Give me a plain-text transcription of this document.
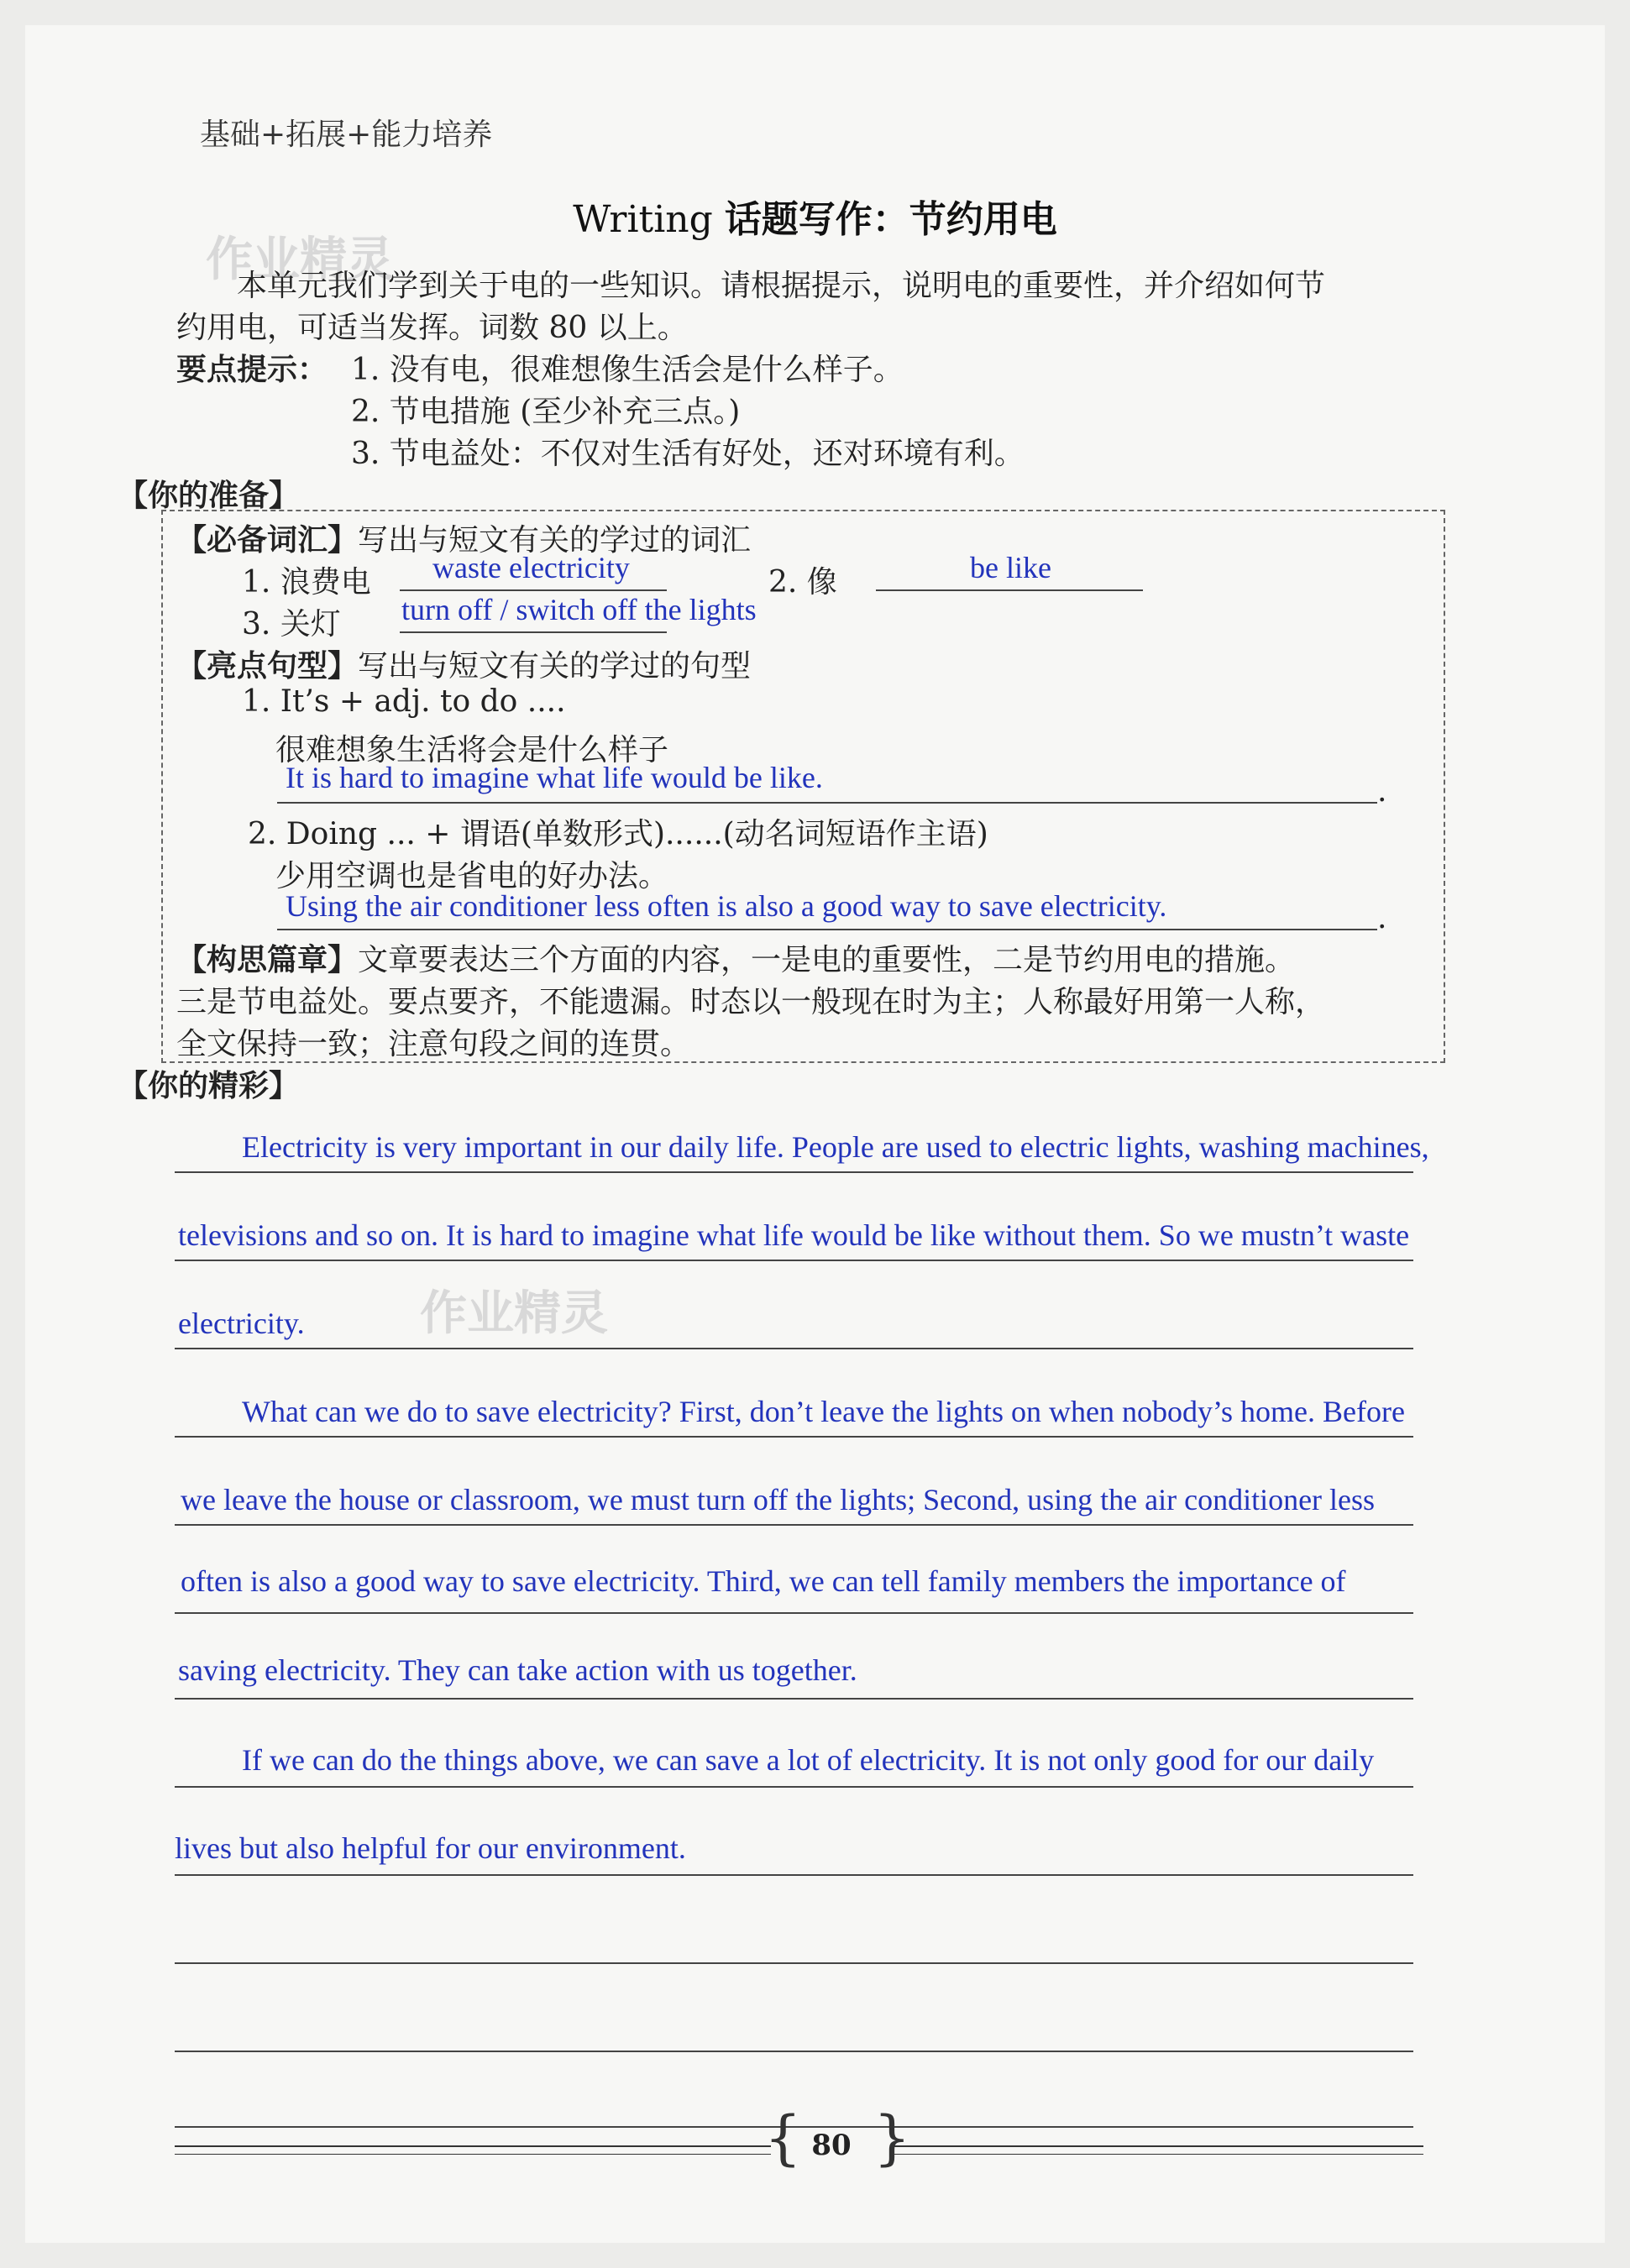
基础+拓展+能力培养
Writing 话题写作：节约用电
作业精灵
作业精灵
本单元我们学到关于电的一些知识。请根据提示，说明电的重要性，并介绍如何节
约用电，可适当发挥。词数 80 以上。
要点提示： 1. 没有电，很难想像生活会是什么样子。
2. 节电措施 (至少补充三点。)
3. 节电益处：不仅对生活有好处，还对环境有利。
【你的准备】
【必备词汇】写出与短文有关的学过的词汇
1. 浪费电 waste electricity	2. 像	be like
3. 关灯 turn off / switch off the lights
【亮点句型】写出与短文有关的学过的句型
1. It’s + adj. to do ....
很难想象生活将会是什么样子
It is hard to imagine what life would be like.	.
2. Doing ... + 谓语(单数形式)......(动名词短语作主语)
少用空调也是省电的好办法。
Using the air conditioner less often is also a good way to save electricity.	.
【构思篇章】文章要表达三个方面的内容，一是电的重要性，二是节约用电的措施。
三是节电益处。要点要齐，不能遗漏。时态以一般现在时为主；人称最好用第一人称，
全文保持一致；注意句段之间的连贯。
【你的精彩】
Electricity is very important in our daily life. People are used to electric lights, washing machines,
televisions and so on. It is hard to imagine what life would be like without them. So we mustn’t waste
electricity.
What can we do to save electricity? First, don’t leave the lights on when nobody’s home. Before
we leave the house or classroom, we must turn off the lights; Second, using the air conditioner less
often is also a good way to save electricity. Third, we can tell family members the importance of
saving electricity. They can take action with us together.
If we can do the things above, we can save a lot of electricity. It is not only good for our daily
lives but also helpful for our environment.
{ }
80
